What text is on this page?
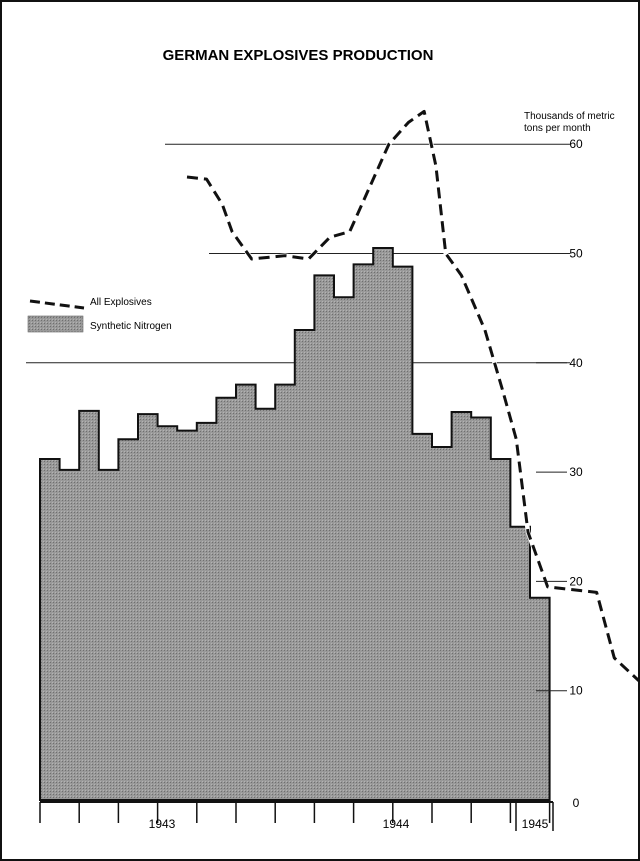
GERMAN EXPLOSIVES PRODUCTION
Thousands of metric
tons per month
0
10
20
30
40
50
60
1943	1944	1945
All Explosives
Synthetic Nitrogen
